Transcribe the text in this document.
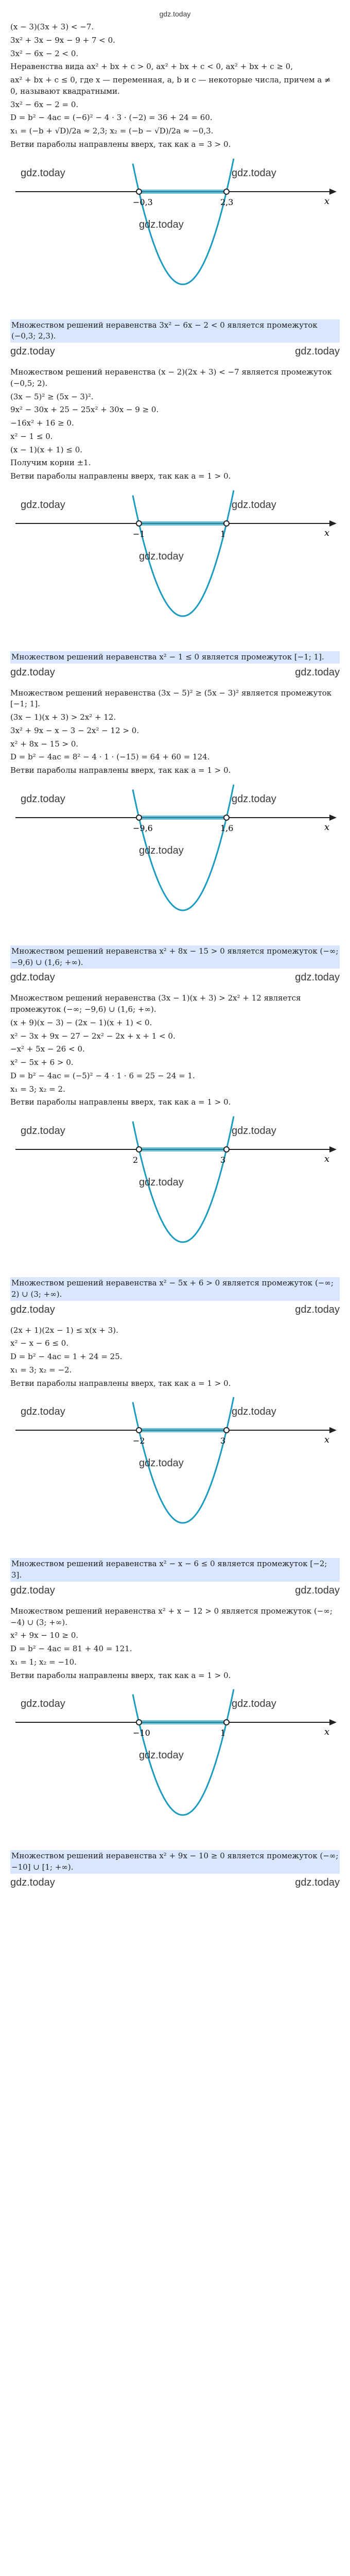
gdz.today
(x − 3)(3x + 3) < −7.
3x² + 3x − 9x − 9 + 7 < 0.
3x² − 6x − 2 < 0.
Неравенства вида ax² + bx + c > 0, ax² + bx + c < 0, ax² + bx + c ≥ 0,
ax² + bx + c ≤ 0, где x — переменная, a, b и c — некоторые числа, причем a ≠ 0, называют квадратными.
3x² − 6x − 2 = 0.
D = b² − 4ac = (−6)² − 4 · 3 · (−2) = 36 + 24 = 60.
x₁ = (−b + √D)/2a ≈ 2,3; x₂ = (−b − √D)/2a ≈ −0,3.
Ветви параболы направлены вверх, так как a = 3 > 0.
x
−0,3	2,3
gdz.today	gdz.today
gdz.today
Множеством решений неравенства 3x² − 6x − 2 < 0 является промежуток (−0,3; 2,3).
gdz.today	gdz.today
Множеством решений неравенства (x − 2)(2x + 3) < −7 является промежуток (−0,5; 2).
(3x − 5)² ≥ (5x − 3)².
9x² − 30x + 25 − 25x² + 30x − 9 ≥ 0.
−16x² + 16 ≥ 0.
x² − 1 ≤ 0.
(x − 1)(x + 1) ≤ 0.
Получим корни ±1.
Ветви параболы направлены вверх, так как a = 1 > 0.
x
−1	1
gdz.today	gdz.today
gdz.today
Множеством решений неравенства x² − 1 ≤ 0 является промежуток [−1; 1].
gdz.today	gdz.today
Множеством решений неравенства (3x − 5)² ≥ (5x − 3)² является промежуток [−1; 1].
(3x − 1)(x + 3) > 2x² + 12.
3x² + 9x − x − 3 − 2x² − 12 > 0.
x² + 8x − 15 > 0.
D = b² − 4ac = 8² − 4 · 1 · (−15) = 64 + 60 = 124.
Ветви параболы направлены вверх, так как a = 1 > 0.
x
−9,6	1,6
gdz.today	gdz.today
gdz.today
Множеством решений неравенства x² + 8x − 15 > 0 является промежуток (−∞; −9,6) ∪ (1,6; +∞).
gdz.today	gdz.today
Множеством решений неравенства (3x − 1)(x + 3) > 2x² + 12 является промежуток (−∞; −9,6) ∪ (1,6; +∞).
(x + 9)(x − 3) − (2x − 1)(x + 1) < 0.
x² − 3x + 9x − 27 − 2x² − 2x + x + 1 < 0.
−x² + 5x − 26 < 0.
x² − 5x + 6 > 0.
D = b² − 4ac = (−5)² − 4 · 1 · 6 = 25 − 24 = 1.
x₁ = 3; x₂ = 2.
Ветви параболы направлены вверх, так как a = 1 > 0.
x
2	3
gdz.today	gdz.today
gdz.today
Множеством решений неравенства x² − 5x + 6 > 0 является промежуток (−∞; 2) ∪ (3; +∞).
gdz.today	gdz.today
(2x + 1)(2x − 1) ≤ x(x + 3).
x² − x − 6 ≤ 0.
D = b² − 4ac = 1 + 24 = 25.
x₁ = 3; x₂ = −2.
Ветви параболы направлены вверх, так как a = 1 > 0.
x
−2	3
gdz.today	gdz.today
gdz.today
Множеством решений неравенства x² − x − 6 ≤ 0 является промежуток [−2; 3].
gdz.today	gdz.today
Множеством решений неравенства x² + x − 12 > 0 является промежуток (−∞; −4) ∪ (3; +∞).
x² + 9x − 10 ≥ 0.
D = b² − 4ac = 81 + 40 = 121.
x₁ = 1; x₂ = −10.
Ветви параболы направлены вверх, так как a = 1 > 0.
x
−10	1
gdz.today	gdz.today
gdz.today
Множеством решений неравенства x² + 9x − 10 ≥ 0 является промежуток (−∞; −10] ∪ [1; +∞).
gdz.today	gdz.today
